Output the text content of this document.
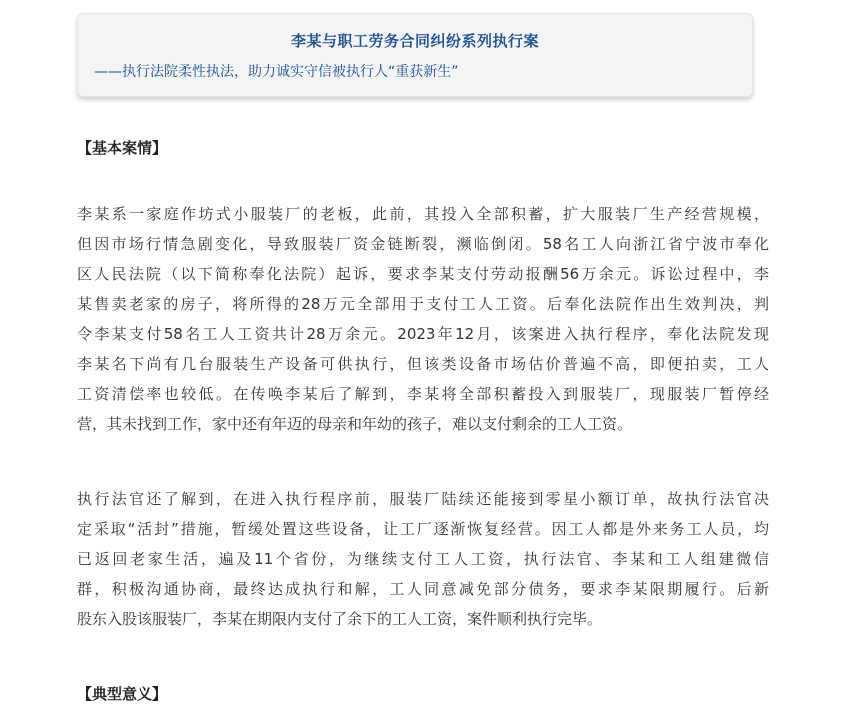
李某与职工劳务合同纠纷系列执行案
——执行法院柔性执法，助力诚实守信被执行人“重获新生”
【基本案情】
李某系一家庭作坊式小服装厂的老板，此前，其投入全部积蓄，扩大服装厂生产经营规模，
但因市场行情急剧变化，导致服装厂资金链断裂，濒临倒闭。58名工人向浙江省宁波市奉化
区人民法院（以下简称奉化法院）起诉，要求李某支付劳动报酬56万余元。诉讼过程中，李
某售卖老家的房子，将所得的28万元全部用于支付工人工资。后奉化法院作出生效判决，判
令李某支付58名工人工资共计28万余元。2023年12月，该案进入执行程序，奉化法院发现
李某名下尚有几台服装生产设备可供执行，但该类设备市场估价普遍不高，即便拍卖，工人
工资清偿率也较低。在传唤李某后了解到，李某将全部积蓄投入到服装厂，现服装厂暂停经
营，其未找到工作，家中还有年迈的母亲和年幼的孩子，难以支付剩余的工人工资。
执行法官还了解到，在进入执行程序前，服装厂陆续还能接到零星小额订单，故执行法官决
定采取“活封”措施，暂缓处置这些设备，让工厂逐渐恢复经营。因工人都是外来务工人员，均
已返回老家生活，遍及11个省份，为继续支付工人工资，执行法官、李某和工人组建微信
群，积极沟通协商，最终达成执行和解，工人同意减免部分债务，要求李某限期履行。后新
股东入股该服装厂，李某在期限内支付了余下的工人工资，案件顺利执行完毕。
【典型意义】
